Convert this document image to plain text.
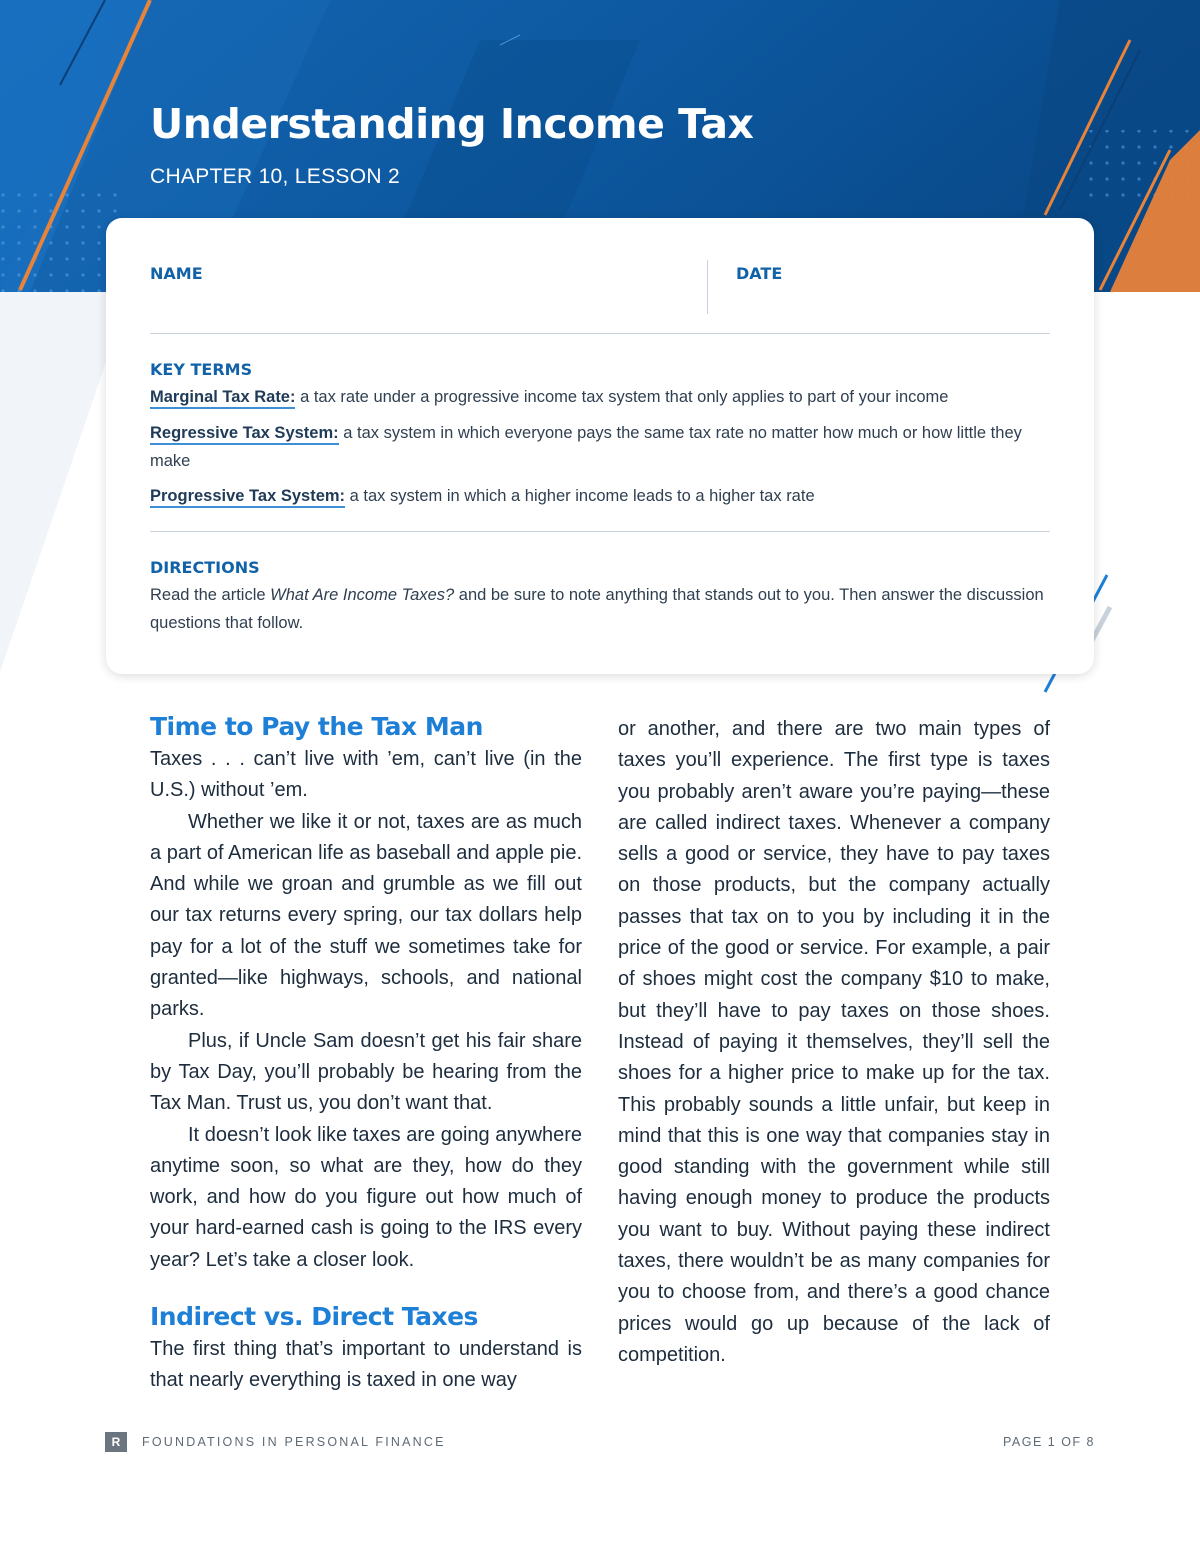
Understanding Income Tax
CHAPTER 10, LESSON 2
NAME	DATE
KEY TERMS
Marginal Tax Rate: a tax rate under a progressive income tax system that only applies to part of your income
Regressive Tax System: a tax system in which everyone pays the same tax rate no matter how much or how little they make
Progressive Tax System: a tax system in which a higher income leads to a higher tax rate
DIRECTIONS
Read the article What Are Income Taxes? and be sure to note anything that stands out to you. Then answer the discussion questions that follow.
Time to Pay the Tax Man

Taxes . . . can’t live with ’em, can’t live (in the U.S.) without ’em.

Whether we like it or not, taxes are as much a part of American life as baseball and apple pie. And while we groan and grumble as we fill out our tax returns every spring, our tax dollars help pay for a lot of the stuff we sometimes take for granted—like highways, schools, and national parks.

Plus, if Uncle Sam doesn’t get his fair share by Tax Day, you’ll probably be hearing from the Tax Man. Trust us, you don’t want that.

It doesn’t look like taxes are going anywhere anytime soon, so what are they, how do they work, and how do you figure out how much of your hard-earned cash is going to the IRS every year? Let’s take a closer look.

Indirect vs. Direct Taxes

The first thing that’s important to understand is that nearly everything is taxed in one way

or another, and there are two main types of taxes you’ll experience. The first type is taxes you probably aren’t aware you’re paying—these are called indirect taxes. Whenever a company sells a good or service, they have to pay taxes on those products, but the company actually passes that tax on to you by including it in the price of the good or service. For example, a pair of shoes might cost the company $10 to make, but they’ll have to pay taxes on those shoes. Instead of paying it themselves, they’ll sell the shoes for a higher price to make up for the tax. This probably sounds a little unfair, but keep in mind that this is one way that companies stay in good standing with the government while still having enough money to produce the products you want to buy. Without paying these indirect taxes, there wouldn’t be as many companies for you to choose from, and there’s a good chance prices would go up because of the lack of competition.

R	FOUNDATIONS IN PERSONAL FINANCE	PAGE 1 OF 8
